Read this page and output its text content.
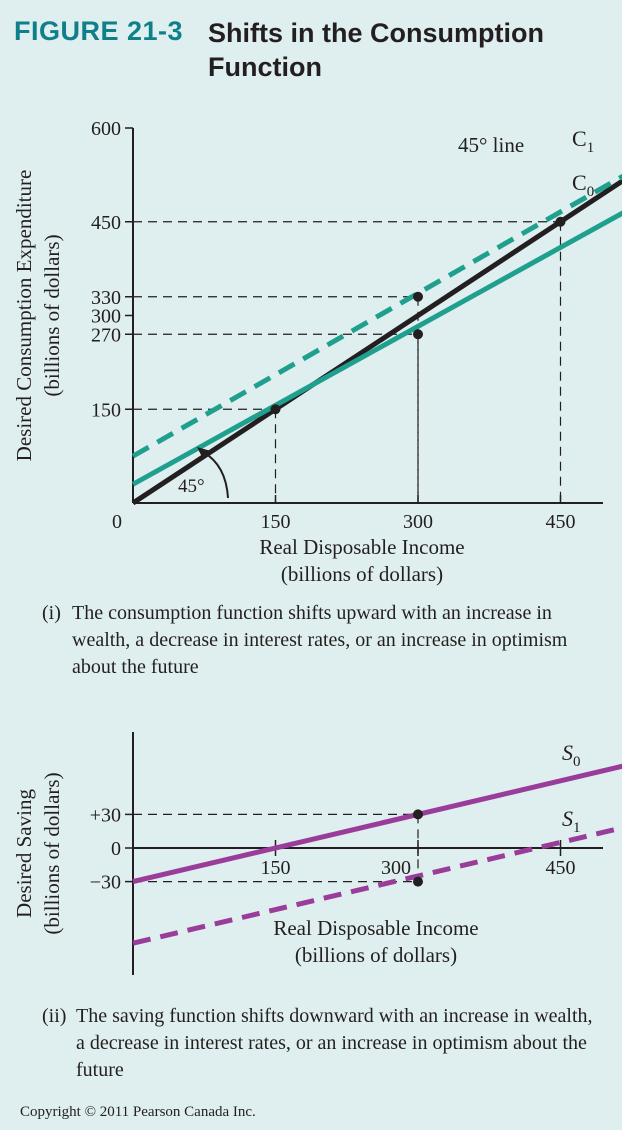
FIGURE 21-3 Shifts in the Consumption Function
150
270
300
330
450
600
150	300	450
0
45° line $C_1$
$C_0$
45°
Real Disposable Income
(billions of dollars)
Desired Consumption Expenditure (billions of dollars)
(i) The consumption function shifts upward with an increase in wealth, a decrease in interest rates, or an increase in optimism about the future
+30
0
−30
150	300	450
$S_0$
$S_1$
Real Disposable Income
(billions of dollars)
Desired Saving (billions of dollars)
(ii) The saving function shifts downward with an increase in wealth, a decrease in interest rates, or an increase in optimism about the future
Copyright © 2011 Pearson Canada Inc.
